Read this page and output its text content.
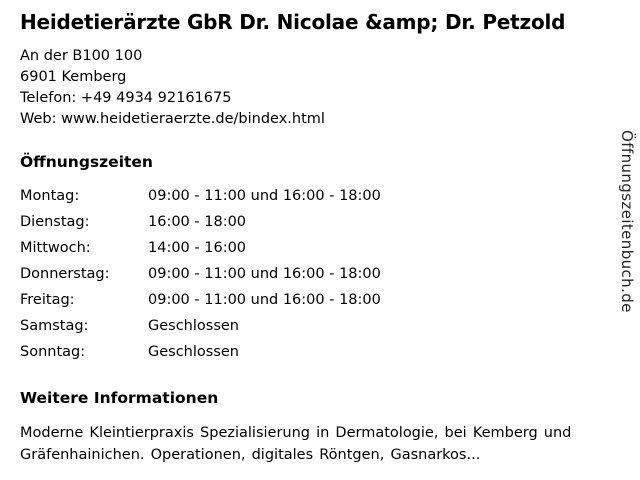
Heidetierärzte GbR Dr. Nicolae &amp; Dr. Petzold

An der B100 100

6901 Kemberg

Telefon: +49 4934 92161675

Web: www.heidetieraerzte.de/bindex.html

Öffnungszeiten
Montag:	09:00 - 11:00 und 16:00 - 18:00
Dienstag:	16:00 - 18:00
Mittwoch:	14:00 - 16:00
Donnerstag:	09:00 - 11:00 und 16:00 - 18:00
Freitag:	09:00 - 11:00 und 16:00 - 18:00
Samstag:	Geschlossen
Sonntag:	Geschlossen
Weitere Informationen

Moderne Kleintierpraxis Spezialisierung in Dermatologie, bei Kemberg und Gräfenhainichen. Operationen, digitales Röntgen, Gasnarkos...

Öffnungszeitenbuch.de
